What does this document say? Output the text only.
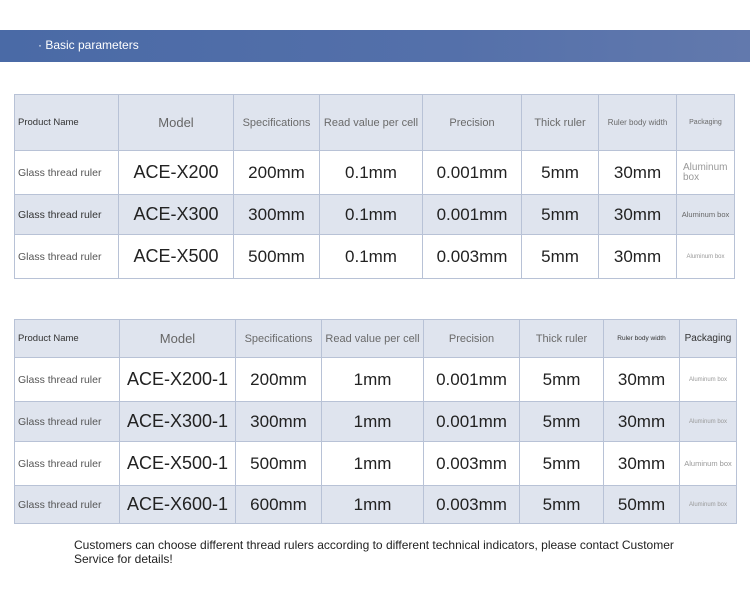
· Basic parameters
Product Name	Model	Specifications	Read value per cell	Precision	Thick ruler	Ruler body width	Packaging
Glass thread ruler	ACE-X200	200mm	0.1mm	0.001mm	5mm	30mm	Aluminum box
Glass thread ruler	ACE-X300	300mm	0.1mm	0.001mm	5mm	30mm	Aluminum box
Glass thread ruler	ACE-X500	500mm	0.1mm	0.003mm	5mm	30mm	Aluminum box
Product Name	Model	Specifications	Read value per cell	Precision	Thick ruler	Ruler body width	Packaging
Glass thread ruler	ACE-X200-1	200mm	1mm	0.001mm	5mm	30mm	Aluminum box
Glass thread ruler	ACE-X300-1	300mm	1mm	0.001mm	5mm	30mm	Aluminum box
Glass thread ruler	ACE-X500-1	500mm	1mm	0.003mm	5mm	30mm	Aluminum box
Glass thread ruler	ACE-X600-1	600mm	1mm	0.003mm	5mm	50mm	Aluminum box
Customers can choose different thread rulers according to different technical indicators, please contact Customer Service for details!
